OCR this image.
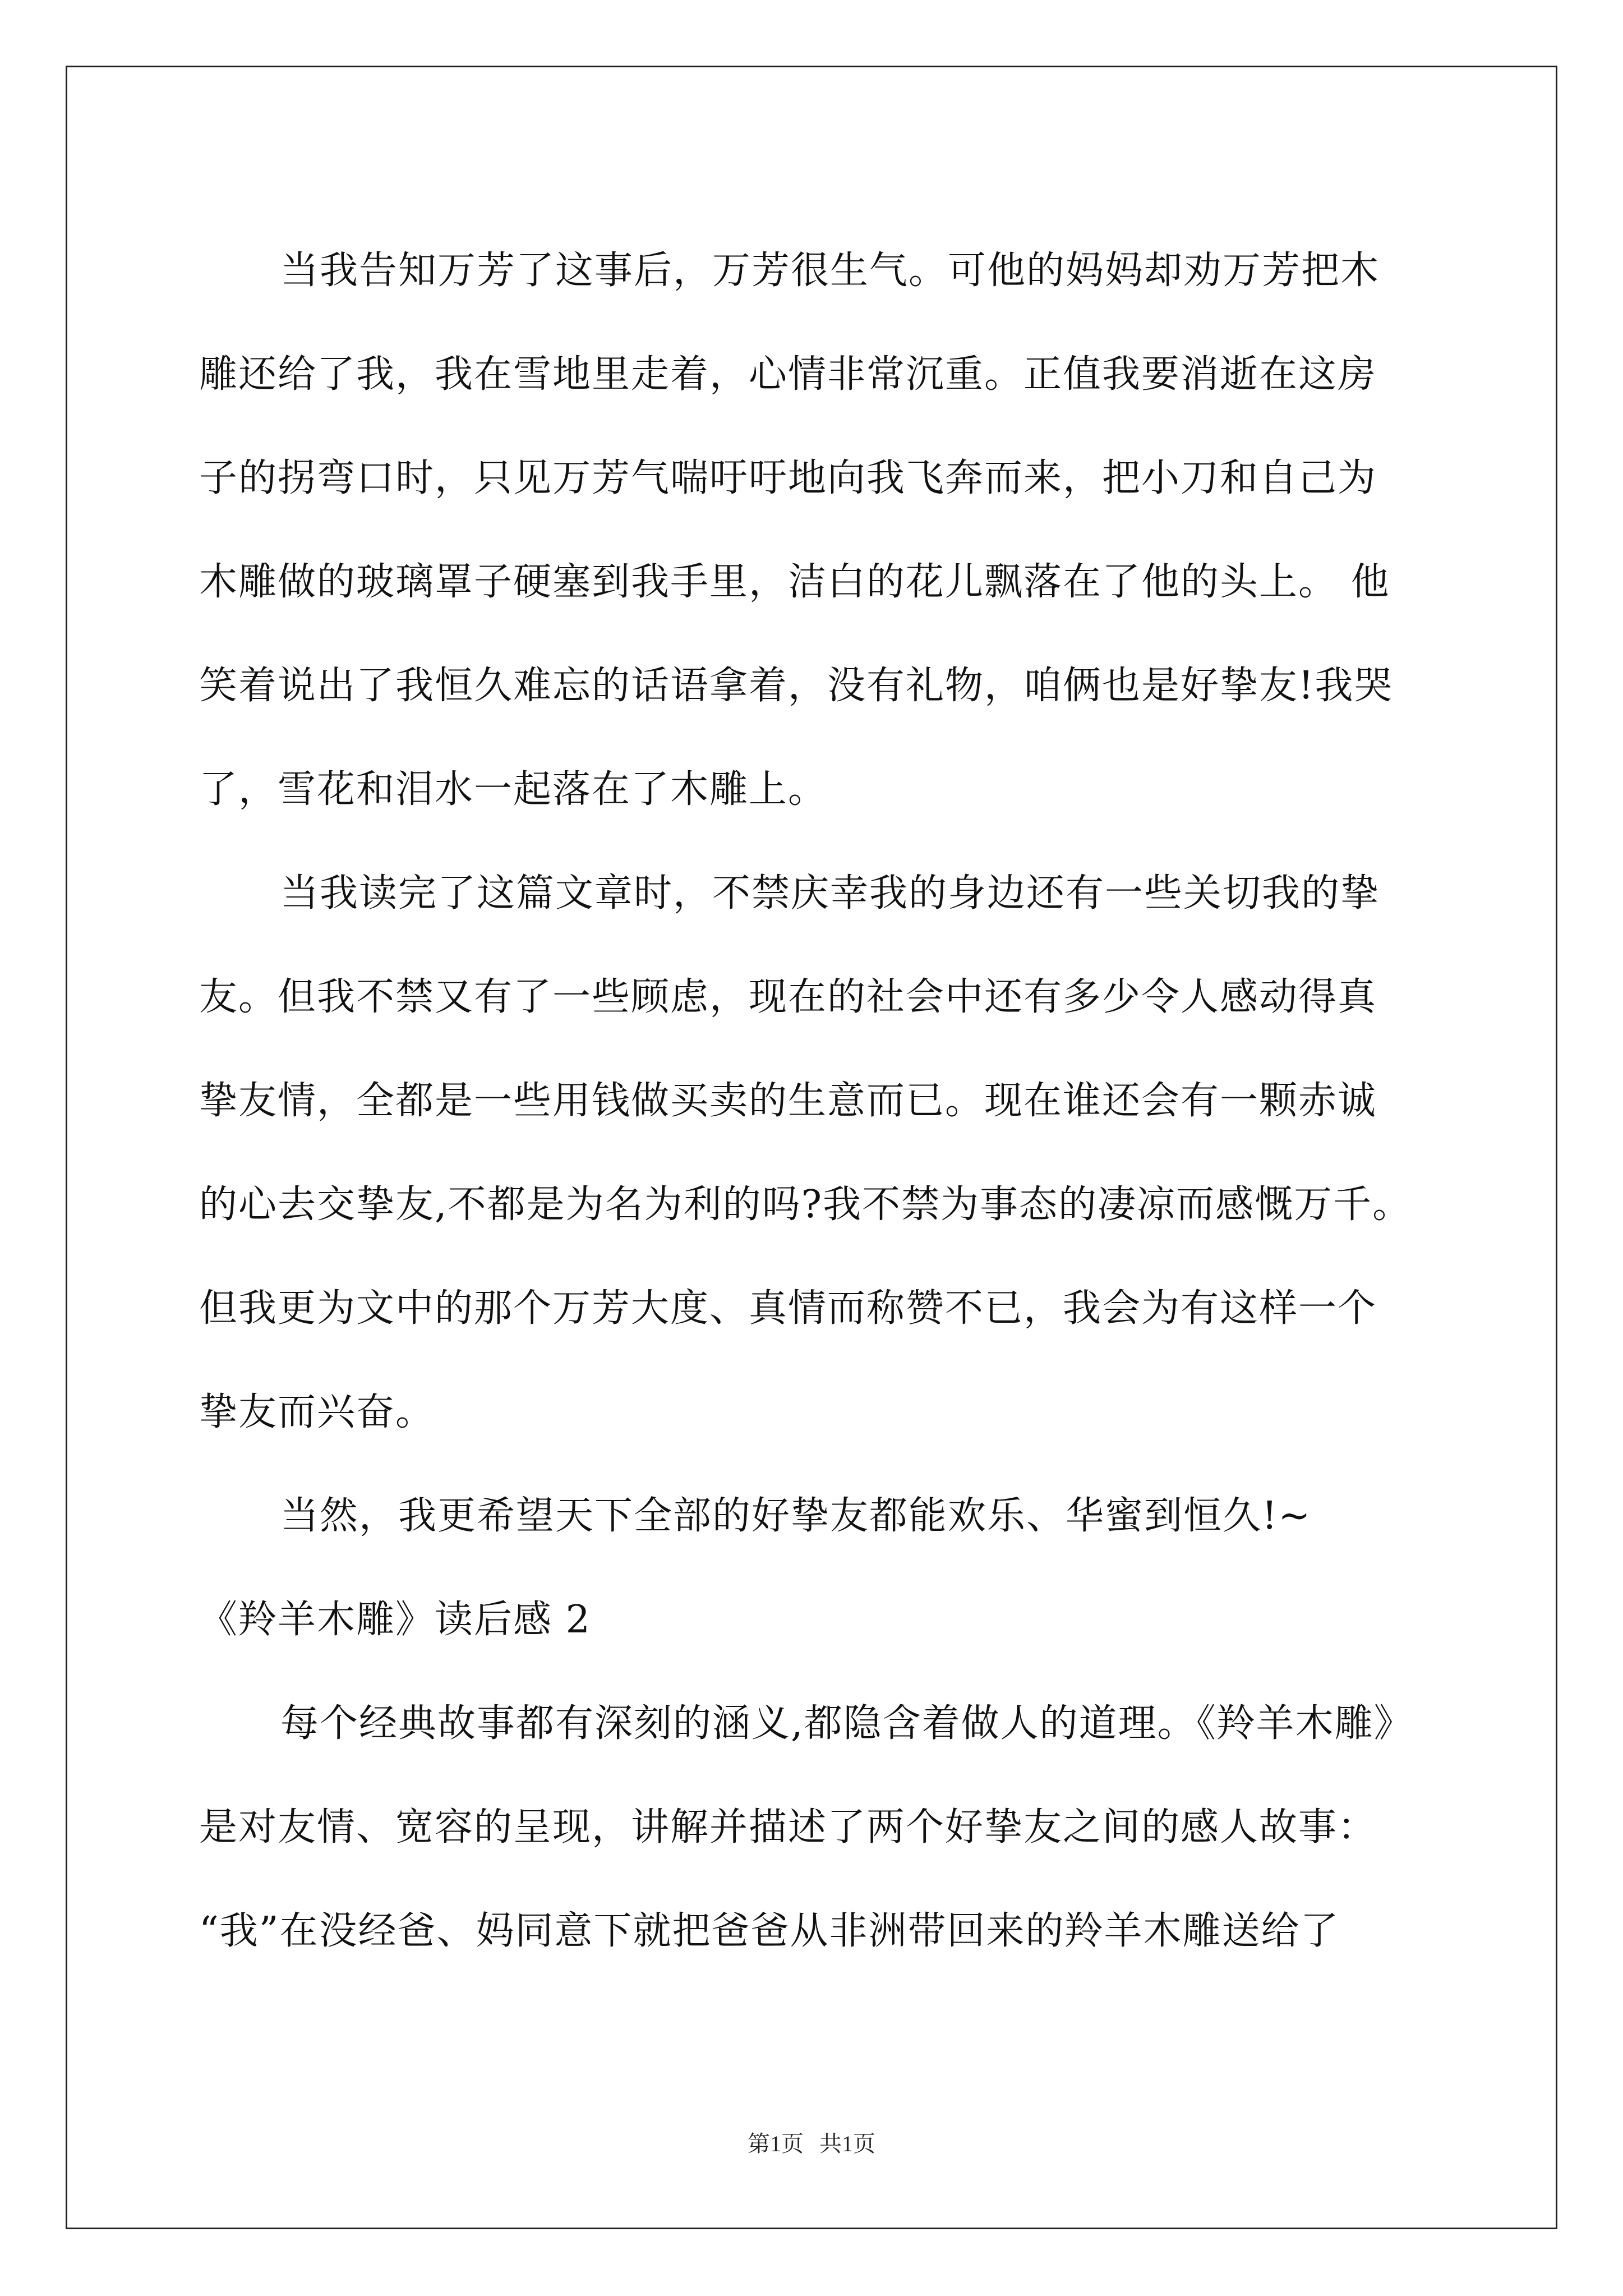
当我告知万芳了这事后，万芳很生气。可他的妈妈却劝万芳把木
雕还给了我，我在雪地里走着，心情非常沉重。正值我要消逝在这房
子的拐弯口时，只见万芳气喘吁吁地向我飞奔而来，把小刀和自己为
木雕做的玻璃罩子硬塞到我手里，洁白的花儿飘落在了他的头上。 他
笑着说出了我恒久难忘的话语拿着，没有礼物，咱俩也是好挚友!我哭
了，雪花和泪水一起落在了木雕上。
当我读完了这篇文章时，不禁庆幸我的身边还有一些关切我的挚
友。但我不禁又有了一些顾虑，现在的社会中还有多少令人感动得真
挚友情，全都是一些用钱做买卖的生意而已。现在谁还会有一颗赤诚
的心去交挚友,不都是为名为利的吗?我不禁为事态的凄凉而感慨万千。
但我更为文中的那个万芳大度、真情而称赞不已，我会为有这样一个
挚友而兴奋。
当然，我更希望天下全部的好挚友都能欢乐、华蜜到恒久!~
《羚羊木雕》读后感 2
每个经典故事都有深刻的涵义,都隐含着做人的道理。《羚羊木雕》
是对友情、宽容的呈现，讲解并描述了两个好挚友之间的感人故事：
“我”在没经爸、妈同意下就把爸爸从非洲带回来的羚羊木雕送给了
第1页 共1页
